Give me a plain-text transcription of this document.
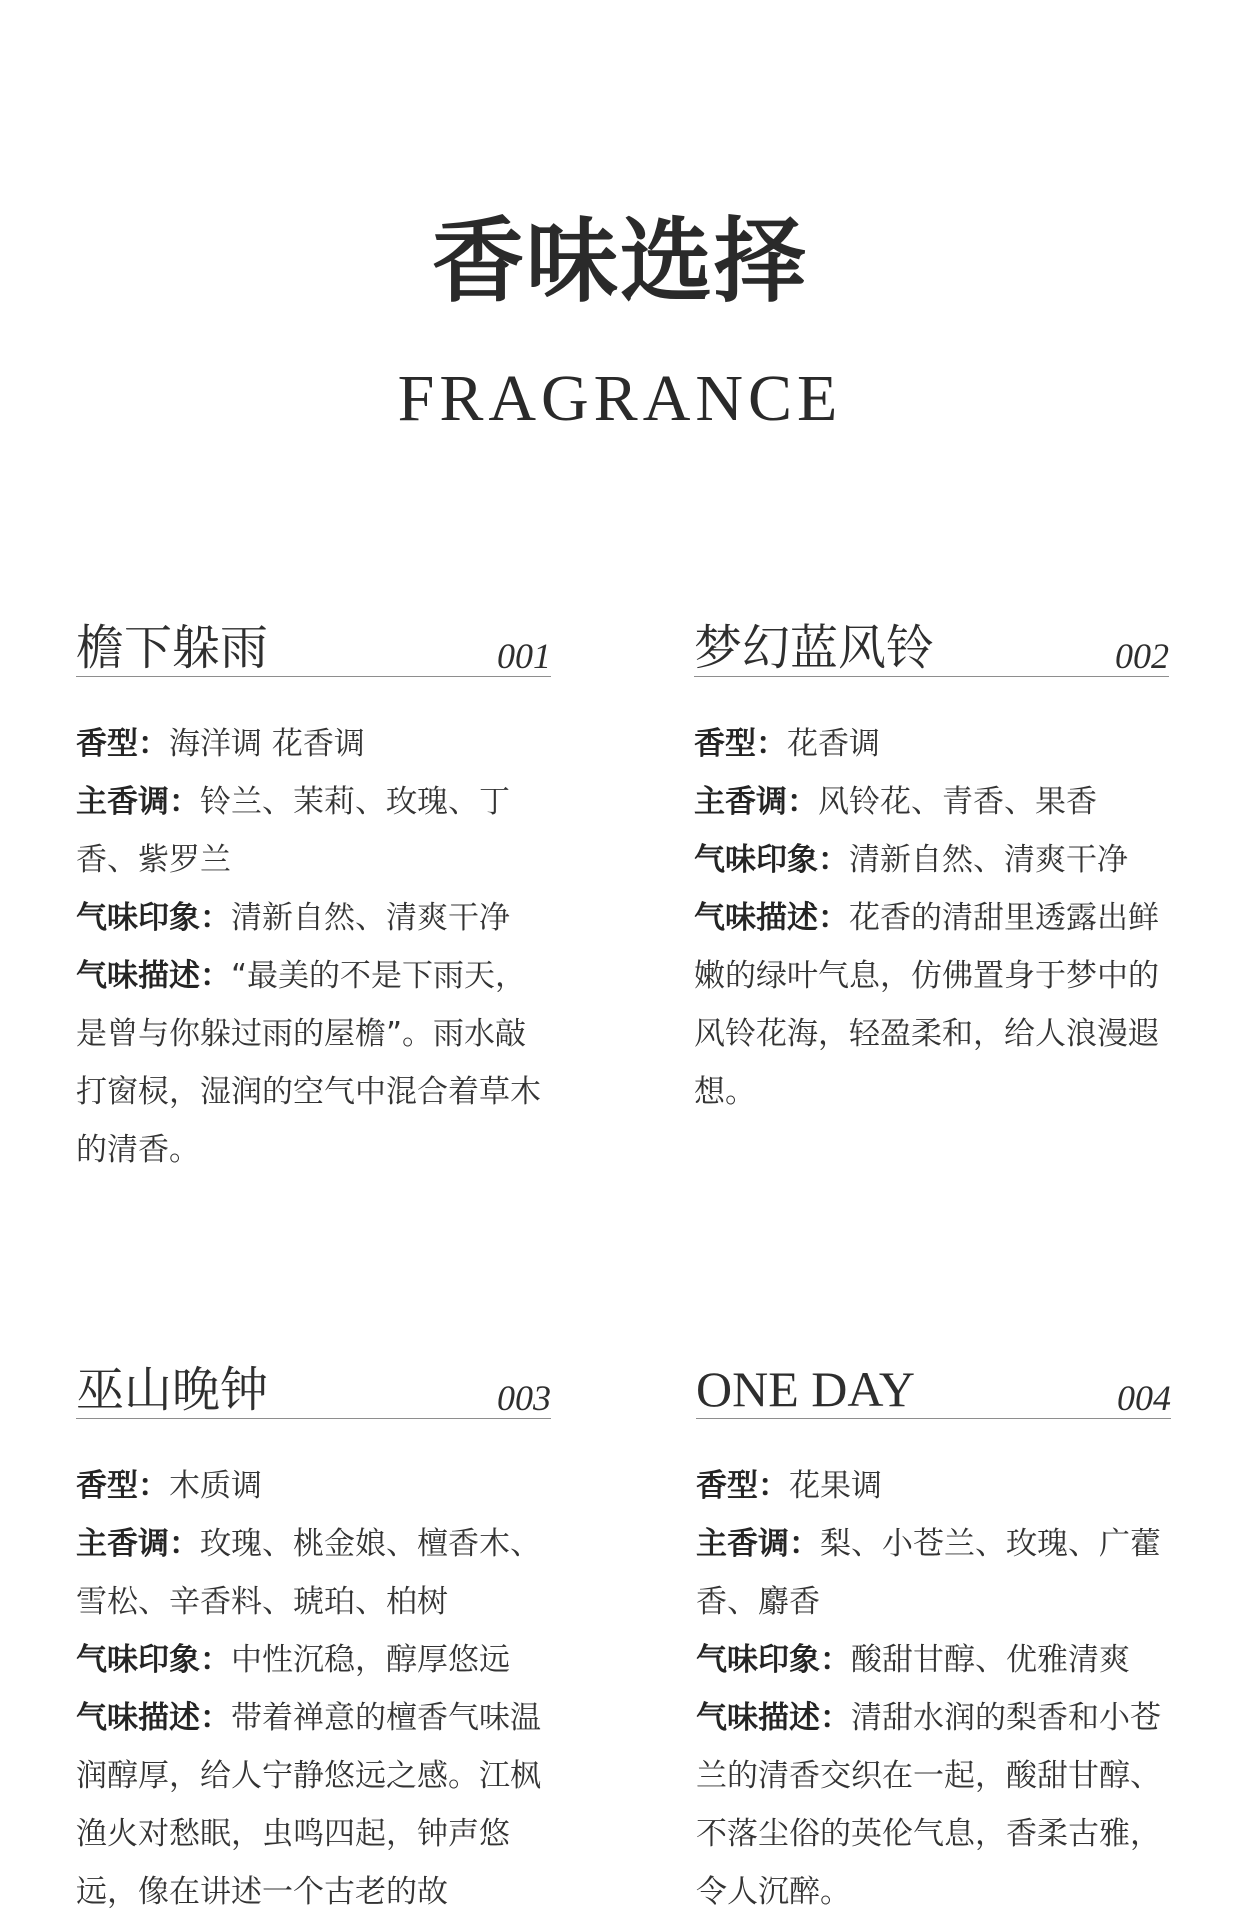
香味选择
FRAGRANCE
檐下躲雨	001

香型：海洋调 花香调

主香调：铃兰、茉莉、玫瑰、丁香、紫罗兰

气味印象：清新自然、清爽干净

气味描述：“最美的不是下雨天，是曾与你躲过雨的屋檐”。雨水敲打窗棂，湿润的空气中混合着草木的清香。

梦幻蓝风铃	002

香型：花香调

主香调：风铃花、青香、果香

气味印象：清新自然、清爽干净

气味描述：花香的清甜里透露出鲜嫩的绿叶气息，仿佛置身于梦中的风铃花海，轻盈柔和，给人浪漫遐想。

巫山晚钟	003

香型：木质调

主香调：玫瑰、桃金娘、檀香木、雪松、辛香料、琥珀、柏树

气味印象：中性沉稳，醇厚悠远

气味描述：带着禅意的檀香气味温润醇厚，给人宁静悠远之感。江枫渔火对愁眠，虫鸣四起，钟声悠远，像在讲述一个古老的故

ONE DAY	004

香型：花果调

主香调：梨、小苍兰、玫瑰、广藿香、麝香

气味印象：酸甜甘醇、优雅清爽

气味描述：清甜水润的梨香和小苍兰的清香交织在一起，酸甜甘醇、不落尘俗的英伦气息，香柔古雅，令人沉醉。
